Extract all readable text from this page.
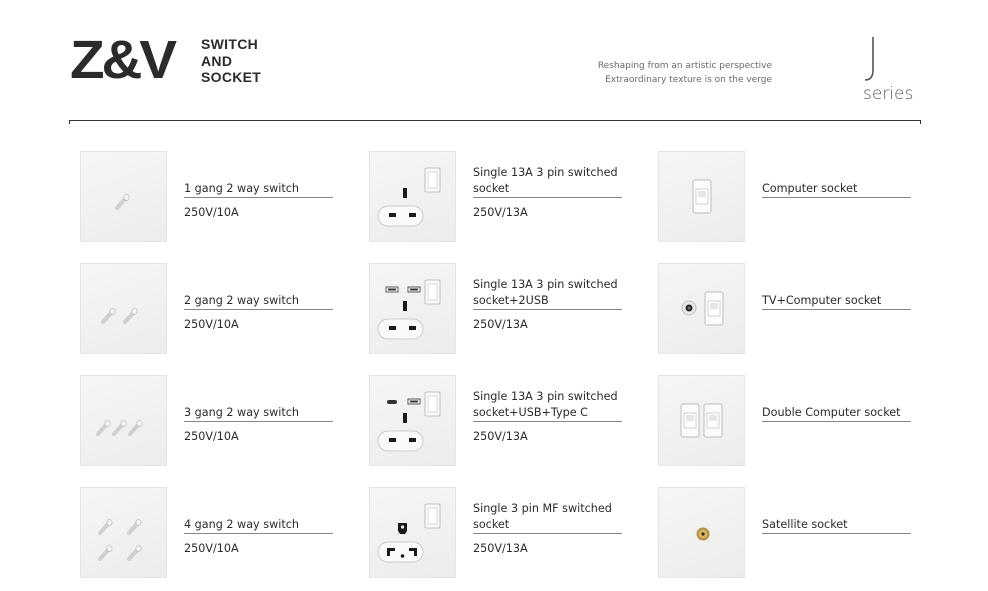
Z&V SWITCH
AND
SOCKET
Reshaping from an artistic perspective
Extraordinary texture is on the verge
series
1 gang 2 way switch
250V/10A
2 gang 2 way switch
250V/10A
3 gang 2 way switch
250V/10A
4 gang 2 way switch
250V/10A
Single 13A 3 pin switched socket
250V/13A
Single 13A 3 pin switched socket+2USB
250V/13A
Single 13A 3 pin switched socket+USB+Type C
250V/13A
Single 3 pin MF switched socket
250V/13A
Computer socket
TV+Computer socket
Double Computer socket
Satellite socket
